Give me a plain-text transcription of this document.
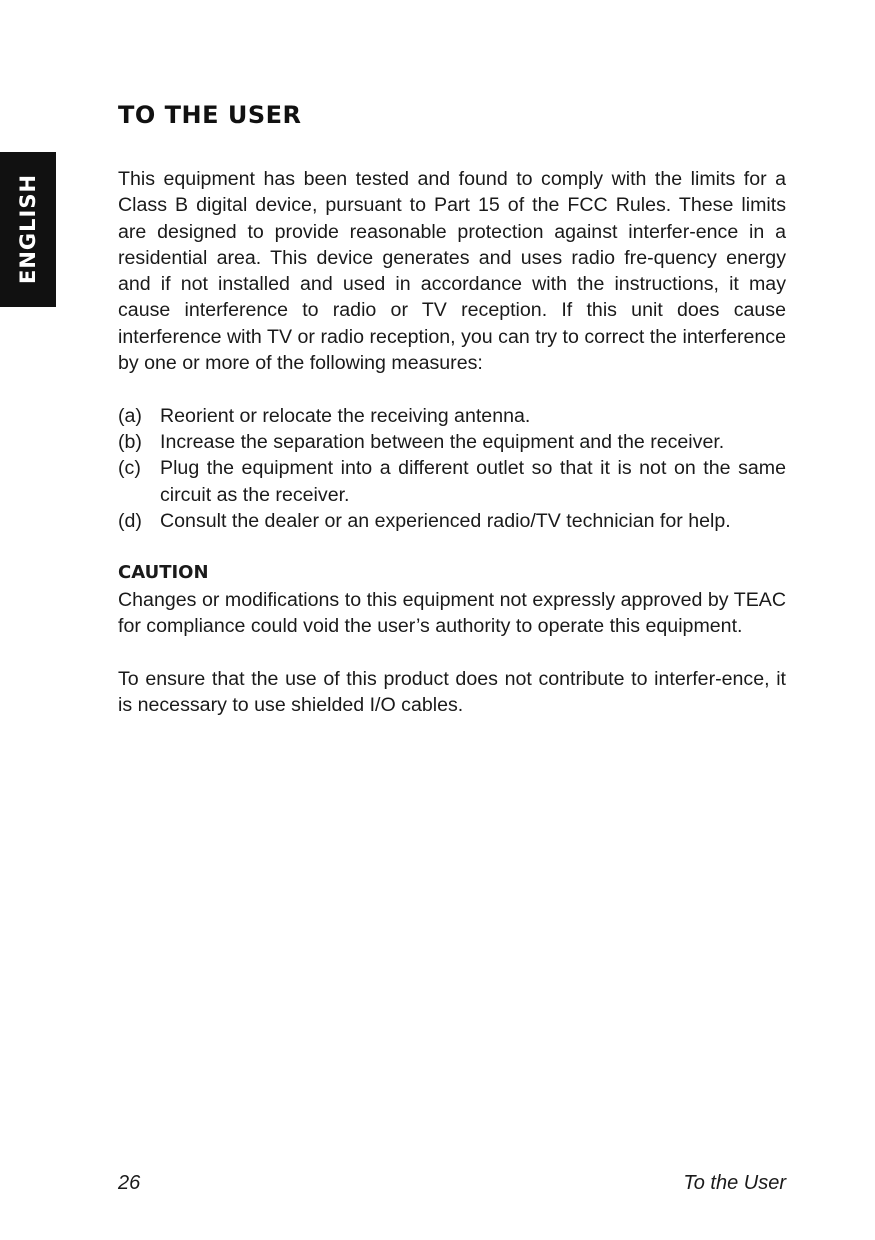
ENGLISH
TO THE USER

This equipment has been tested and found to comply with the limits for a Class B digital device, pursuant to Part 15 of the FCC Rules. These limits are designed to provide reasonable protection against interfer-ence in a residential area. This device generates and uses radio fre-quency energy and if not installed and used in accordance with the instructions, it may cause interference to radio or TV reception. If this unit does cause interference with TV or radio reception, you can try to correct the interference by one or more of the following measures:

(a) Reorient or relocate the receiving antenna.
(b) Increase the separation between the equipment and the receiver.
(c) Plug the equipment into a different outlet so that it is not on the same circuit as the receiver.
(d) Consult the dealer or an experienced radio/TV technician for help.

CAUTION

Changes or modifications to this equipment not expressly approved by TEAC for compliance could void the user’s authority to operate this equipment.

To ensure that the use of this product does not contribute to interfer-ence, it is necessary to use shielded I/O cables.

26	To the User
